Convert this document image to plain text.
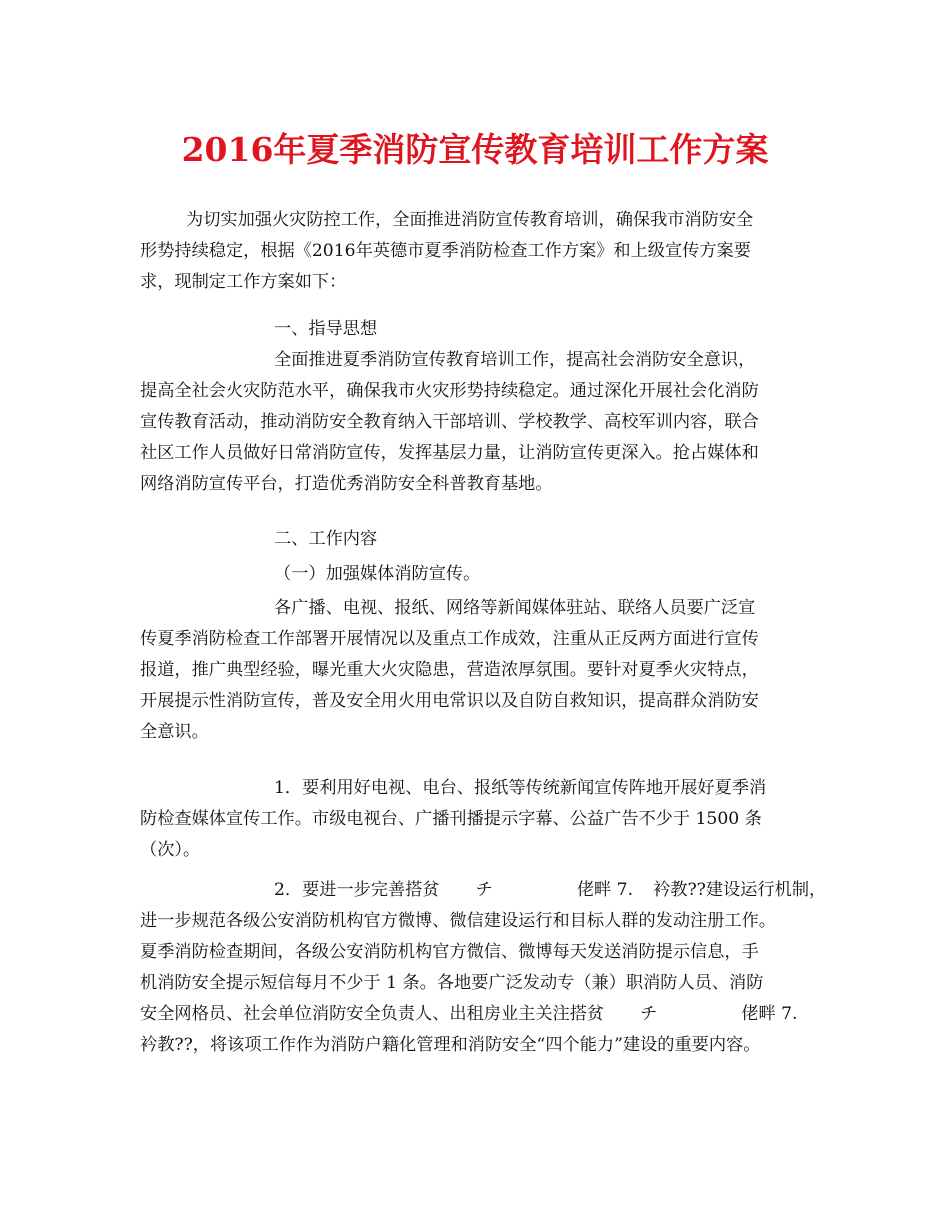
2016年夏季消防宣传教育培训工作方案
为切实加强火灾防控工作，全面推进消防宣传教育培训，确保我市消防安全
形势持续稳定，根据《2016年英德市夏季消防检查工作方案》和上级宣传方案要
求，现制定工作方案如下：
一、指导思想
全面推进夏季消防宣传教育培训工作，提高社会消防安全意识，
提高全社会火灾防范水平，确保我市火灾形势持续稳定。通过深化开展社会化消防
宣传教育活动，推动消防安全教育纳入干部培训、学校教学、高校军训内容，联合
社区工作人员做好日常消防宣传，发挥基层力量，让消防宣传更深入。抢占媒体和
网络消防宣传平台，打造优秀消防安全科普教育基地。
二、工作内容
（一）加强媒体消防宣传。
各广播、电视、报纸、网络等新闻媒体驻站、联络人员要广泛宣
传夏季消防检查工作部署开展情况以及重点工作成效，注重从正反两方面进行宣传
报道，推广典型经验，曝光重大火灾隐患，营造浓厚氛围。要针对夏季火灾特点，
开展提示性消防宣传，普及安全用火用电常识以及自防自救知识，提高群众消防安
全意识。
1．要利用好电视、电台、报纸等传统新闻宣传阵地开展好夏季消
防检查媒体宣传工作。市级电视台、广播刊播提示字幕、公益广告不少于 1500 条
（次）。
2．要进一步完善搭贫 チ	佬畔 7. 衿教??建设运行机制，
进一步规范各级公安消防机构官方微博、微信建设运行和目标人群的发动注册工作。
夏季消防检查期间，各级公安消防机构官方微信、微博每天发送消防提示信息，手
机消防安全提示短信每月不少于 1 条。各地要广泛发动专（兼）职消防人员、消防
安全网格员、社会单位消防安全负责人、出租房业主关注搭贫 チ	佬畔 7.
衿教??，将该项工作作为消防户籍化管理和消防安全“四个能力”建设的重要内容。
